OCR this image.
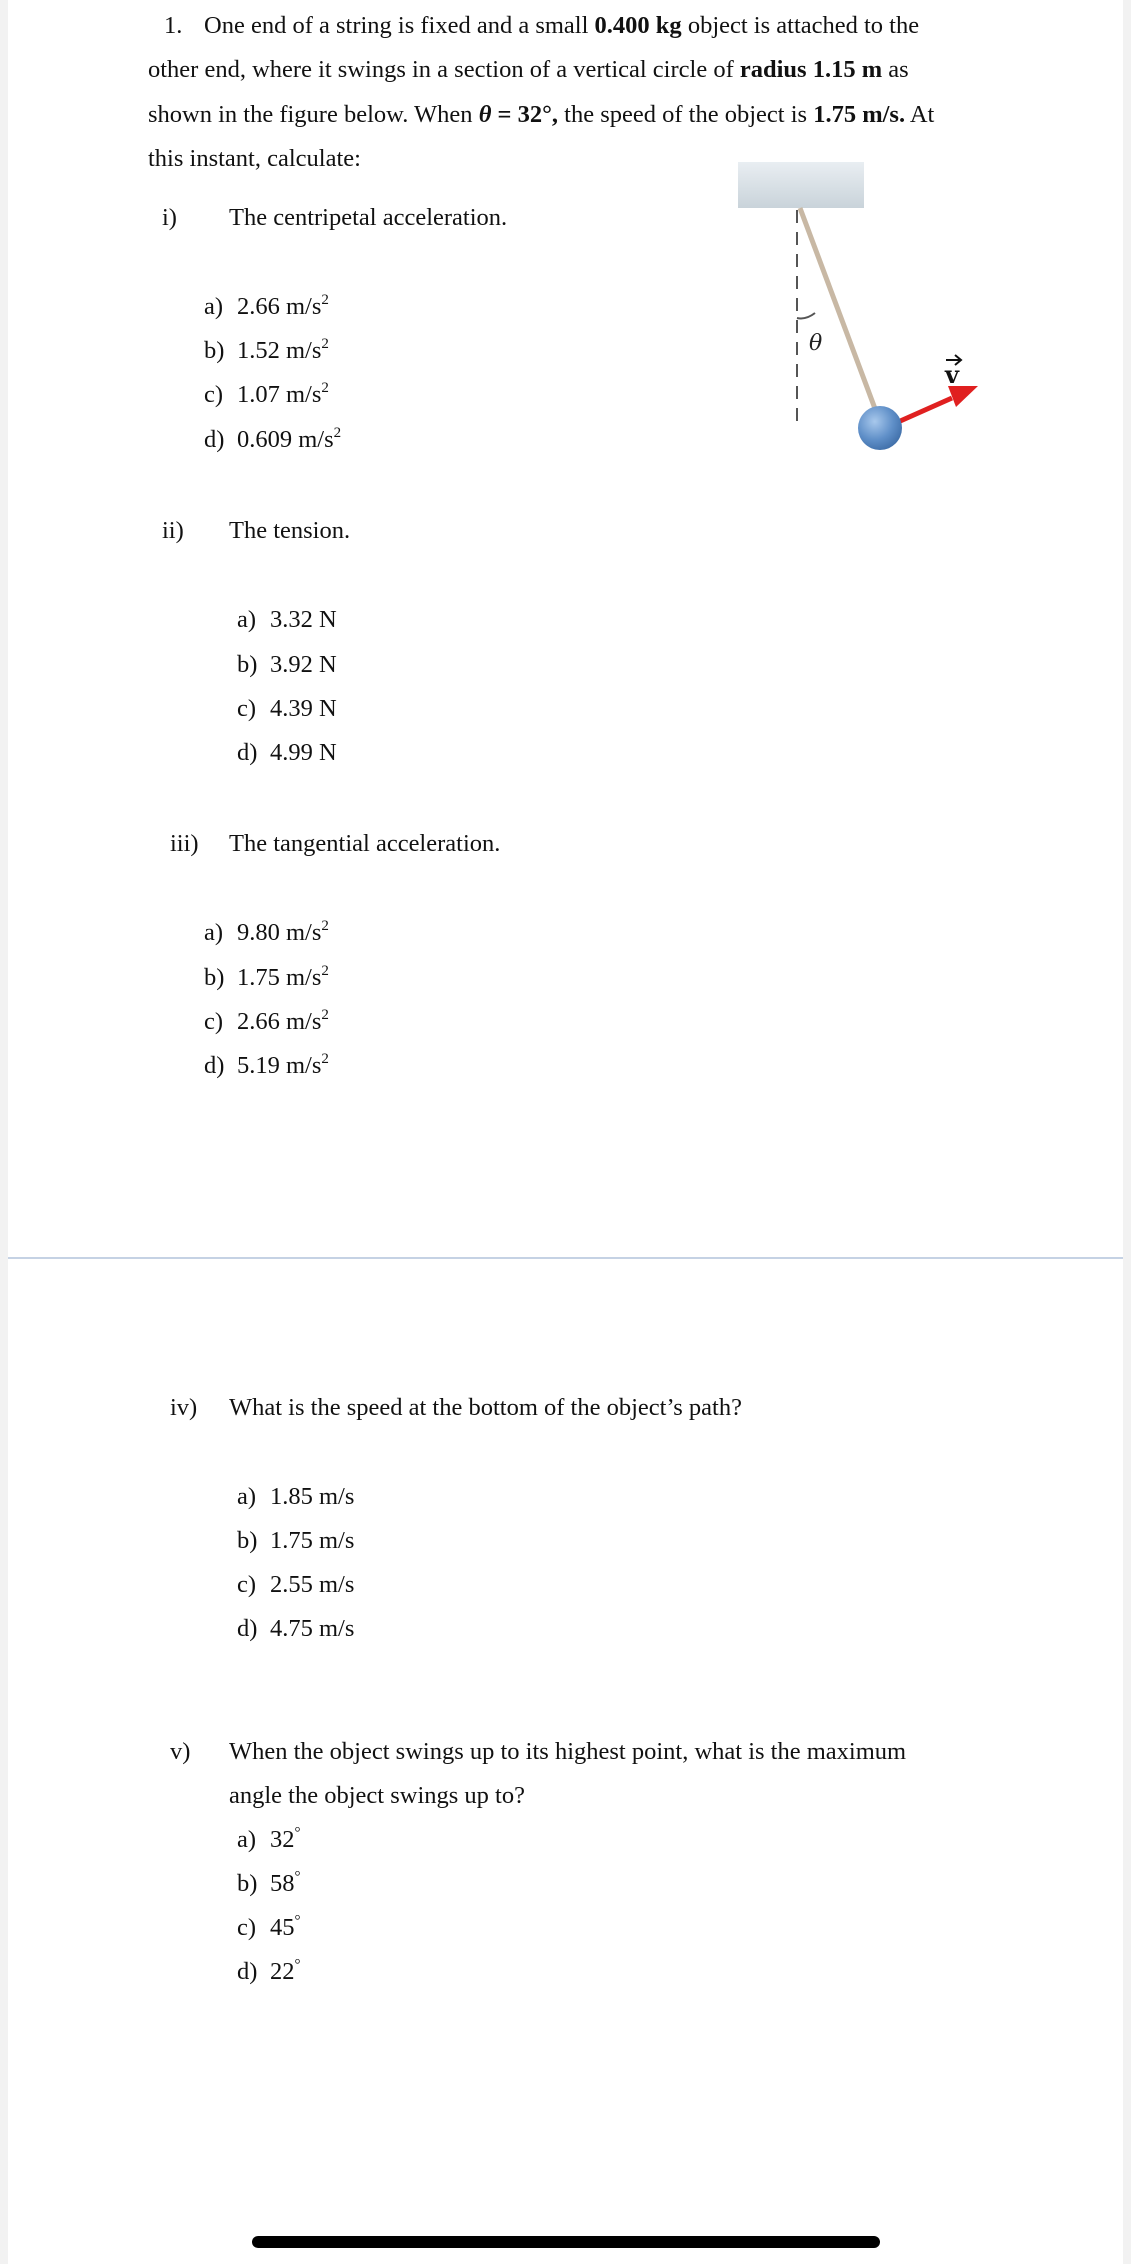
1. One end of a string is fixed and a small 0.400 kg object is attached to the
other end, where it swings in a section of a vertical circle of radius 1.15 m as
shown in the figure below. When θ = 32°, the speed of the object is 1.75 m/s. At
this instant, calculate:
θ
v
i) The centripetal acceleration.
a) 2.66 $m/s^2$
b) 1.52 $m/s^2$
c) 1.07 $m/s^2$
d) 0.609 $m/s^2$
ii) The tension.
a) 3.32 N
b) 3.92 N
c) 4.39 N
d) 4.99 N
iii) The tangential acceleration.
a) 9.80 $m/s^2$
b) 1.75 $m/s^2$
c) 2.66 $m/s^2$
d) 5.19 $m/s^2$
iv) What is the speed at the bottom of the object’s path?
a) 1.85 m/s
b) 1.75 m/s
c) 2.55 m/s
d) 4.75 m/s
v) When the object swings up to its highest point, what is the maximum
angle the object swings up to?
a) 32°
b) 58°
c) 45°
d) 22°
